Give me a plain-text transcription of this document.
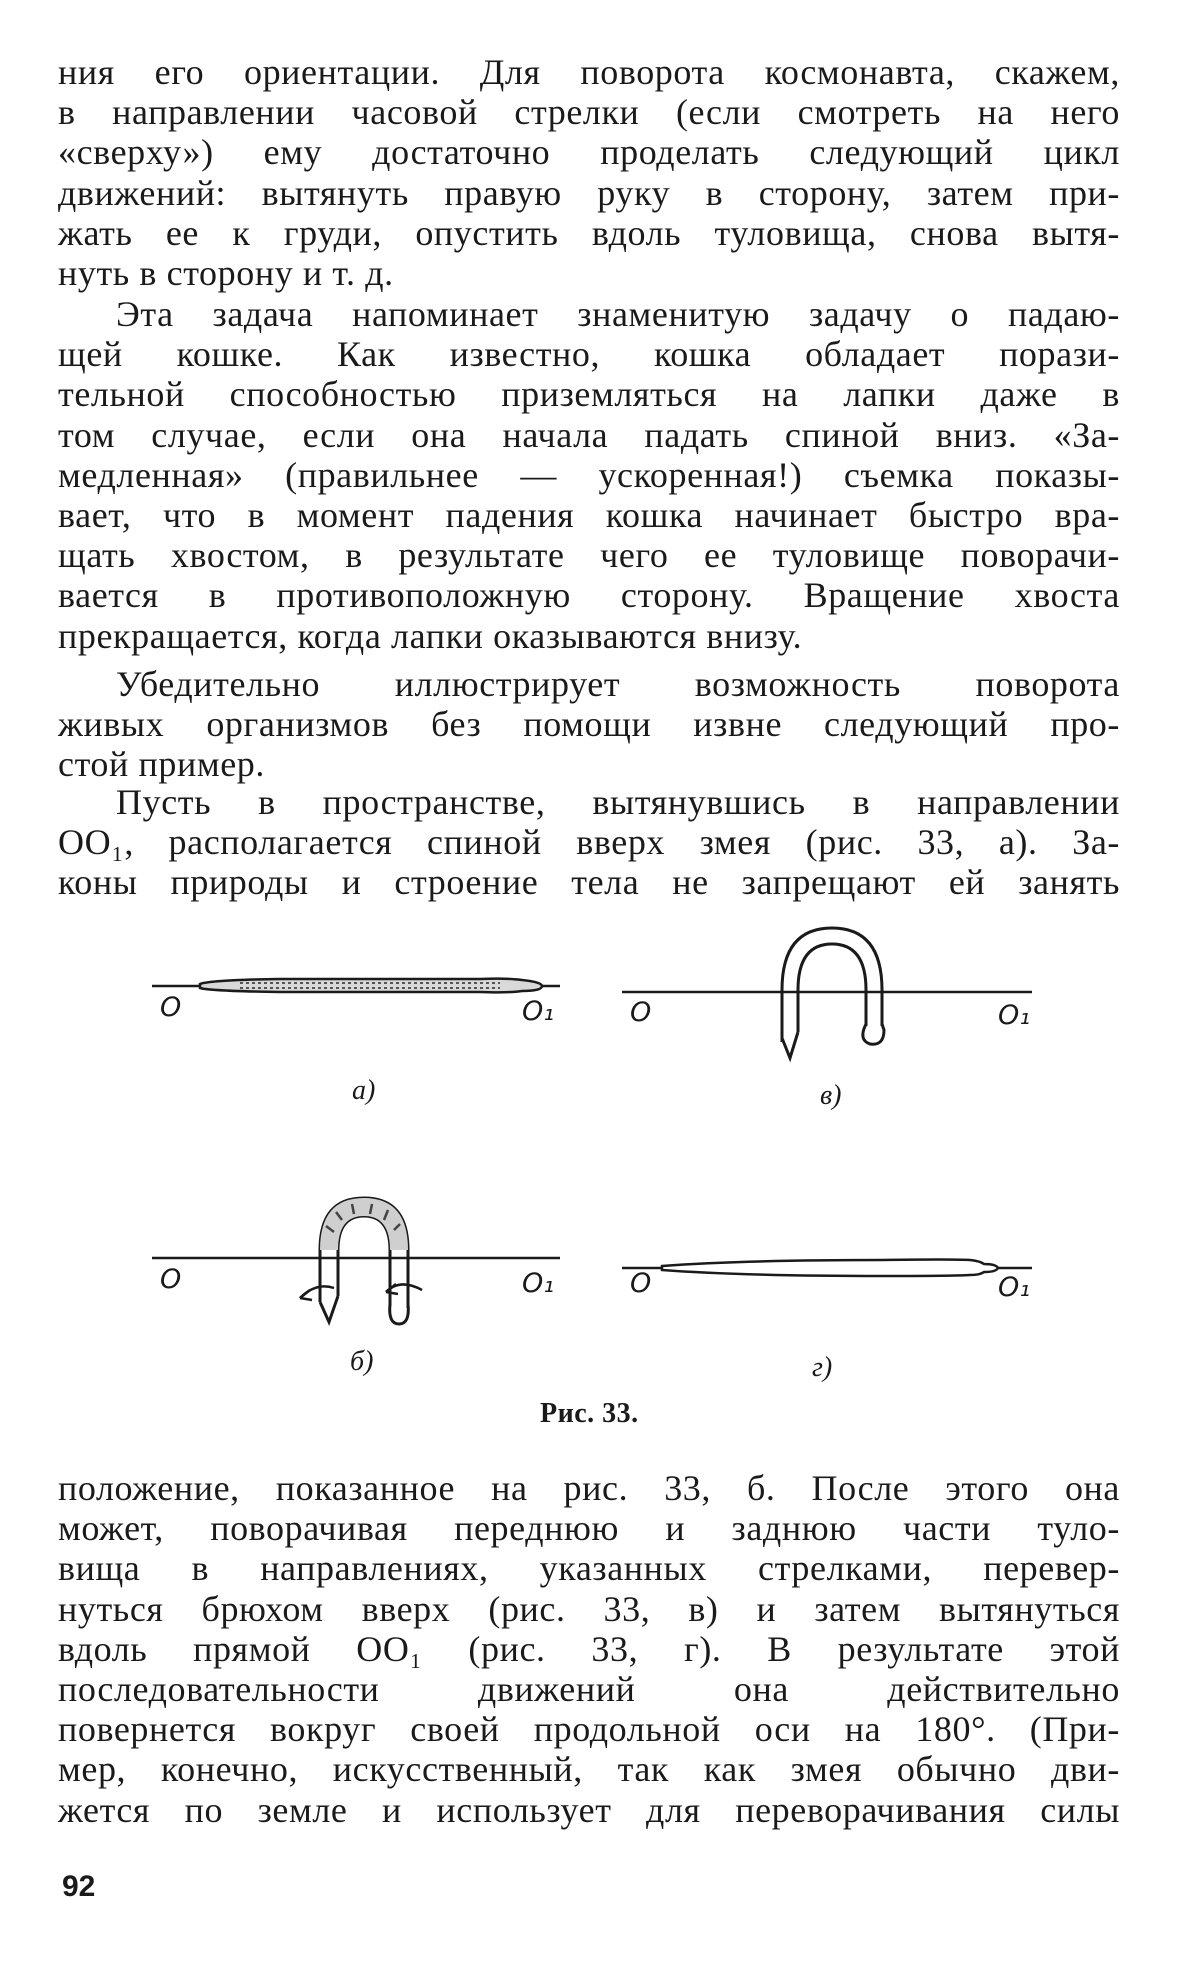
ния его ориентации. Для поворота космонавта, скажем,
в направлении часовой стрелки (если смотреть на него
«сверху») ему достаточно проделать следующий цикл
движений: вытянуть правую руку в сторону, затем при-
жать ее к груди, опустить вдоль туловища, снова вытя-
нуть в сторону и т. д.
Эта задача напоминает знаменитую задачу о падаю-
щей кошке. Как известно, кошка обладает порази-
тельной способностью приземляться на лапки даже в
том случае, если она начала падать спиной вниз. «За-
медленная» (правильнее — ускоренная!) съемка показы-
вает, что в момент падения кошка начинает быстро вра-
щать хвостом, в результате чего ее туловище поворачи-
вается в противоположную сторону. Вращение хвоста
прекращается, когда лапки оказываются внизу.
Убедительно иллюстрирует возможность поворота
живых организмов без помощи извне следующий про-
стой пример.
Пусть в пространстве, вытянувшись в направлении
OO₁, располагается спиной вверх змея (рис. 33, a). За-
коны природы и строение тела не запрещают ей занять
O	O₁
а)
O	O₁
в)
O	O₁
б)
O	O₁
г)
Рис. 33.
положение, показанное на рис. 33, б. После этого она
может, поворачивая переднюю и заднюю части туло-
вища в направлениях, указанных стрелками, перевер-
нуться брюхом вверх (рис. 33, в) и затем вытянуться
вдоль прямой OO₁ (рис. 33, г). В результате этой
последовательности движений она действительно
повернется вокруг своей продольной оси на 180°. (При-
мер, конечно, искусственный, так как змея обычно дви-
жется по земле и использует для переворачивания силы
92
